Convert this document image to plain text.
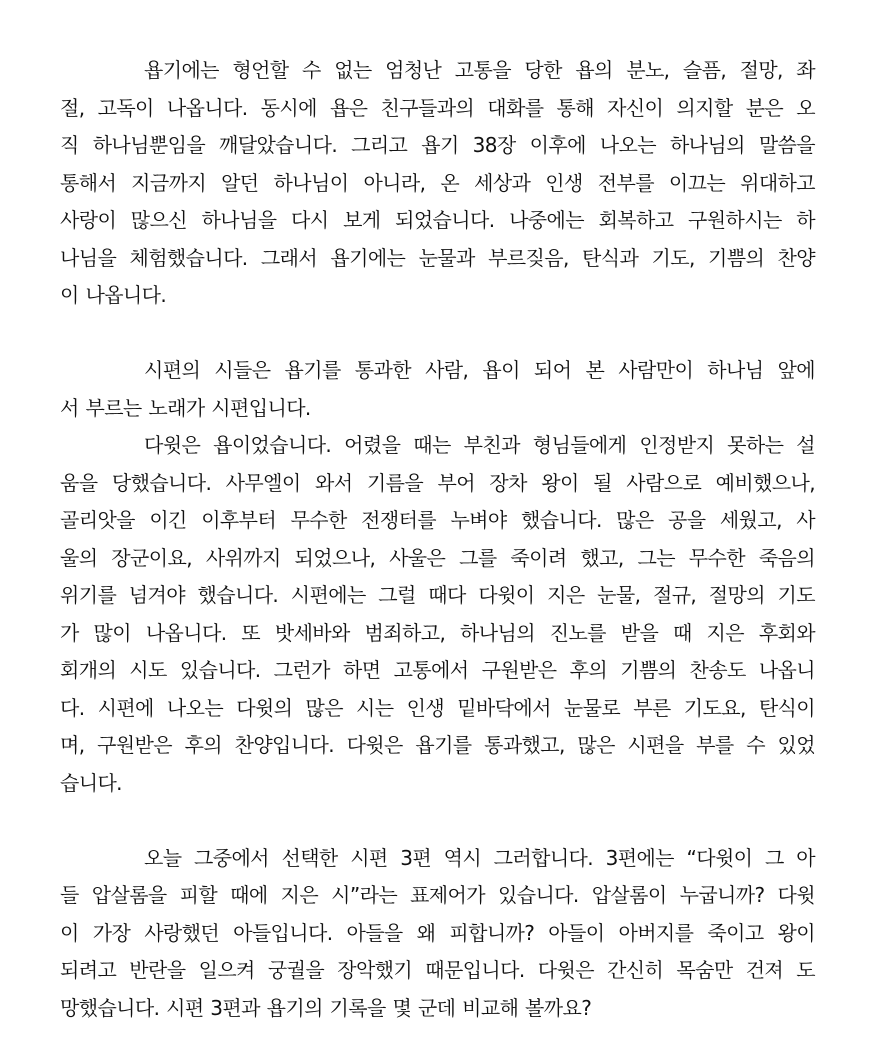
욥기에는 형언할 수 없는 엄청난 고통을 당한 욥의 분노, 슬픔, 절망, 좌
절, 고독이 나옵니다. 동시에 욥은 친구들과의 대화를 통해 자신이 의지할 분은 오
직 하나님뿐임을 깨달았습니다. 그리고 욥기 38장 이후에 나오는 하나님의 말씀을
통해서 지금까지 알던 하나님이 아니라, 온 세상과 인생 전부를 이끄는 위대하고
사랑이 많으신 하나님을 다시 보게 되었습니다. 나중에는 회복하고 구원하시는 하
나님을 체험했습니다. 그래서 욥기에는 눈물과 부르짖음, 탄식과 기도, 기쁨의 찬양
이 나옵니다.
시편의 시들은 욥기를 통과한 사람, 욥이 되어 본 사람만이 하나님 앞에
서 부르는 노래가 시편입니다.
다윗은 욥이었습니다. 어렸을 때는 부친과 형님들에게 인정받지 못하는 설
움을 당했습니다. 사무엘이 와서 기름을 부어 장차 왕이 될 사람으로 예비했으나,
골리앗을 이긴 이후부터 무수한 전쟁터를 누벼야 했습니다. 많은 공을 세웠고, 사
울의 장군이요, 사위까지 되었으나, 사울은 그를 죽이려 했고, 그는 무수한 죽음의
위기를 넘겨야 했습니다. 시편에는 그럴 때다 다윗이 지은 눈물, 절규, 절망의 기도
가 많이 나옵니다. 또 밧세바와 범죄하고, 하나님의 진노를 받을 때 지은 후회와
회개의 시도 있습니다. 그런가 하면 고통에서 구원받은 후의 기쁨의 찬송도 나옵니
다. 시편에 나오는 다윗의 많은 시는 인생 밑바닥에서 눈물로 부른 기도요, 탄식이
며, 구원받은 후의 찬양입니다. 다윗은 욥기를 통과했고, 많은 시편을 부를 수 있었
습니다.
오늘 그중에서 선택한 시편 3편 역시 그러합니다. 3편에는 “다윗이 그 아
들 압살롬을 피할 때에 지은 시”라는 표제어가 있습니다. 압살롬이 누굽니까? 다윗
이 가장 사랑했던 아들입니다. 아들을 왜 피합니까? 아들이 아버지를 죽이고 왕이
되려고 반란을 일으켜 궁궐을 장악했기 때문입니다. 다윗은 간신히 목숨만 건져 도
망했습니다. 시편 3편과 욥기의 기록을 몇 군데 비교해 볼까요?
